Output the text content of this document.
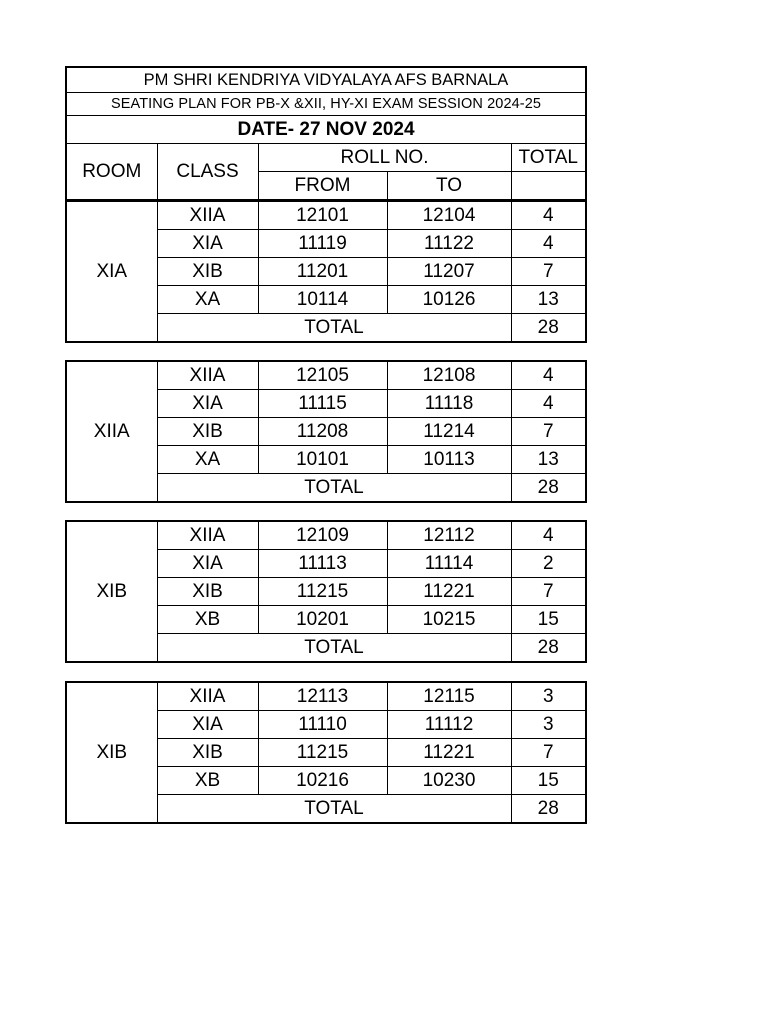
PM SHRI KENDRIYA VIDYALAYA AFS BARNALA				
SEATING PLAN FOR PB-X &XII, HY-XI EXAM SESSION 2024-25				
DATE- 27 NOV 2024				
ROOM	CLASS	ROLL NO.		TOTAL
		FROM	TO	
XIA	XIIA	12101	12104	4
	XIA	11119	11122	4
	XIB	11201	11207	7
	XA	10114	10126	13
	TOTAL			28
XIIA	XIIA	12105	12108	4
	XIA	11115	11118	4
	XIB	11208	11214	7
	XA	10101	10113	13
	TOTAL			28
XIB	XIIA	12109	12112	4
	XIA	11113	11114	2
	XIB	11215	11221	7
	XB	10201	10215	15
	TOTAL			28
XIB	XIIA	12113	12115	3
	XIA	11110	11112	3
	XIB	11215	11221	7
	XB	10216	10230	15
	TOTAL			28
